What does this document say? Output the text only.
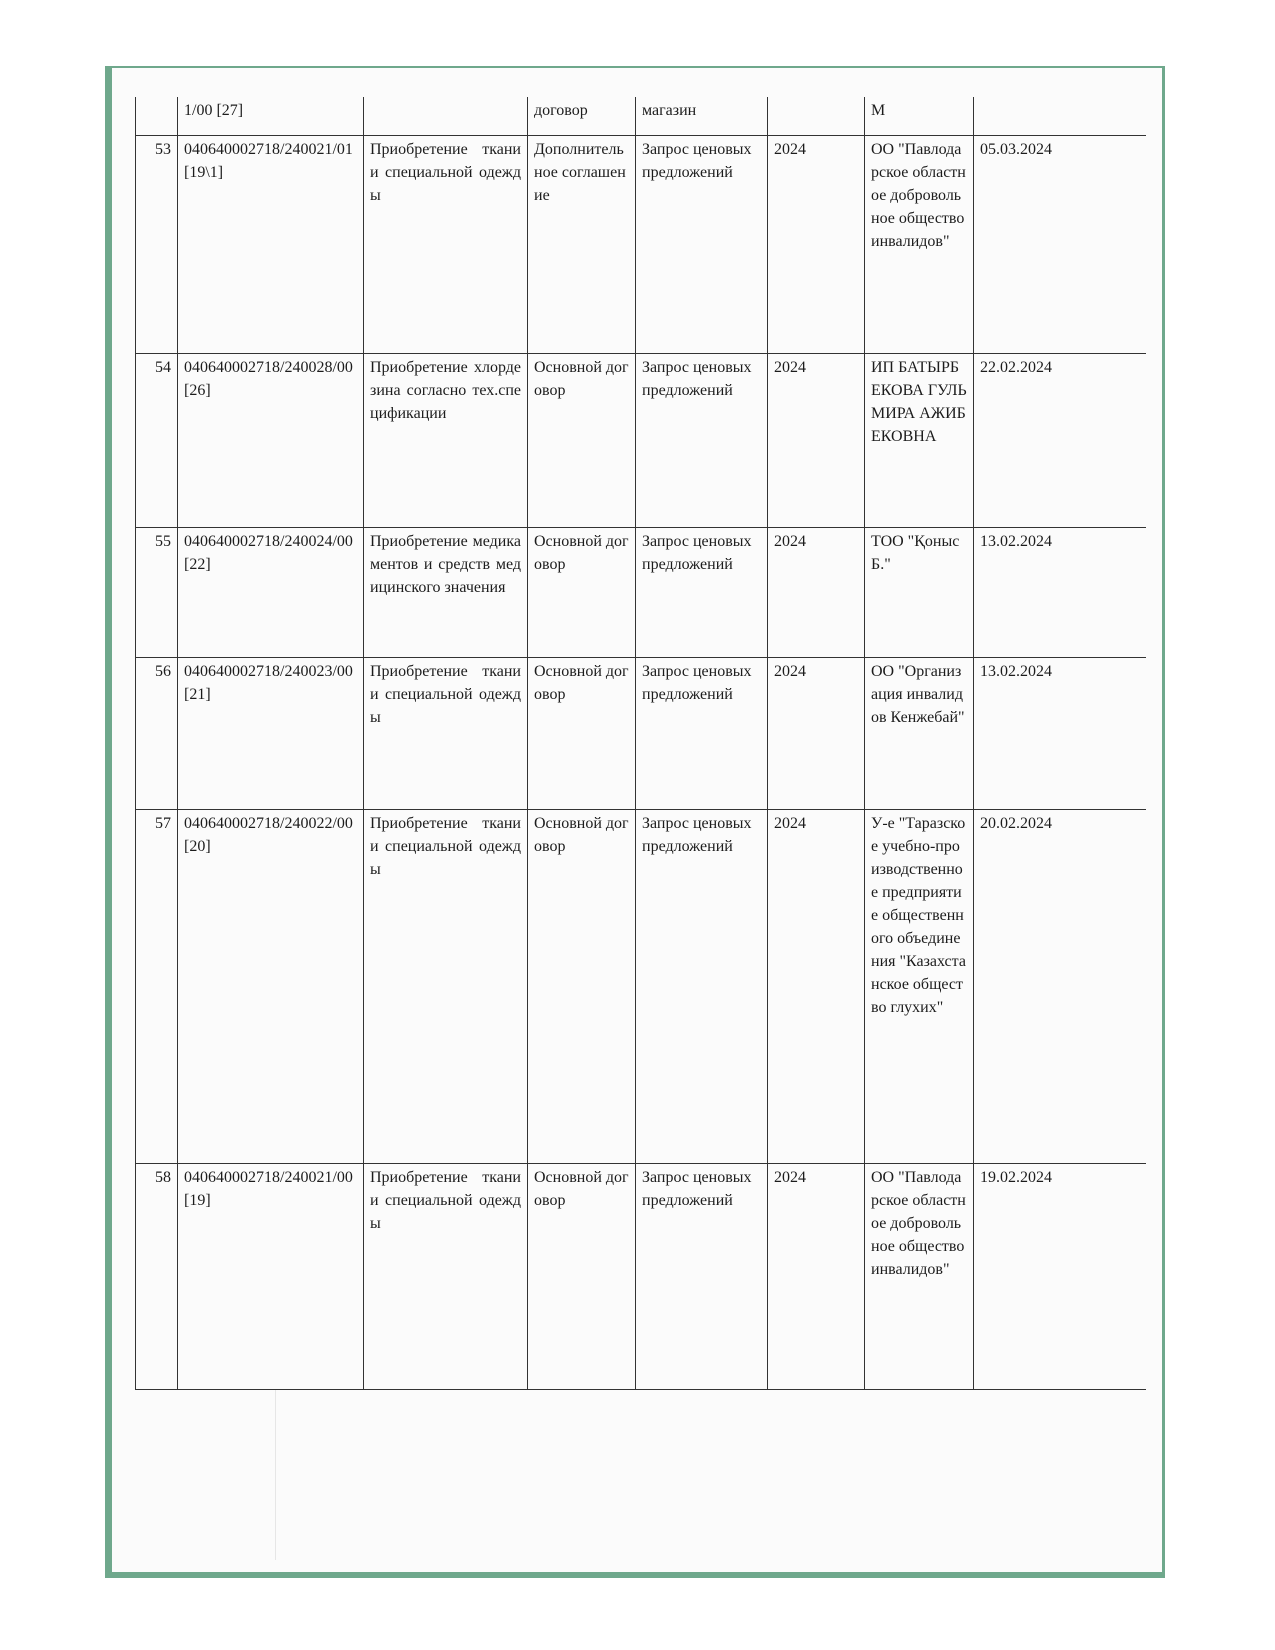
	1/00 [27]		договор	магазин		М	
53	040640002718/240021/01 [19\1]	Приобретение ткани и специальной одежды	Дополнительное соглашение	Запрос ценовых предложений	2024	ОО "Павлодарское областное добровольное общество инвалидов"	05.03.2024
54	040640002718/240028/00 [26]	Приобретение хлордезина согласно тех.спецификации	Основной договор	Запрос ценовых предложений	2024	ИП БАТЫРБЕКОВА ГУЛЬМИРА АЖИБЕКОВНА	22.02.2024
55	040640002718/240024/00 [22]	Приобретение медикаментов и средств медицинского значения	Основной договор	Запрос ценовых предложений	2024	ТОО "Қоныс Б."	13.02.2024
56	040640002718/240023/00 [21]	Приобретение ткани и специальной одежды	Основной договор	Запрос ценовых предложений	2024	ОО "Организация инвалидов Кенжебай"	13.02.2024
57	040640002718/240022/00 [20]	Приобретение ткани и специальной одежды	Основной договор	Запрос ценовых предложений	2024	У-е "Таразское учебно-производственное предприятие общественного объединения "Казахстанское общество глухих"	20.02.2024
58	040640002718/240021/00 [19]	Приобретение ткани и специальной одежды	Основной договор	Запрос ценовых предложений	2024	ОО "Павлодарское областное добровольное общество инвалидов"	19.02.2024
